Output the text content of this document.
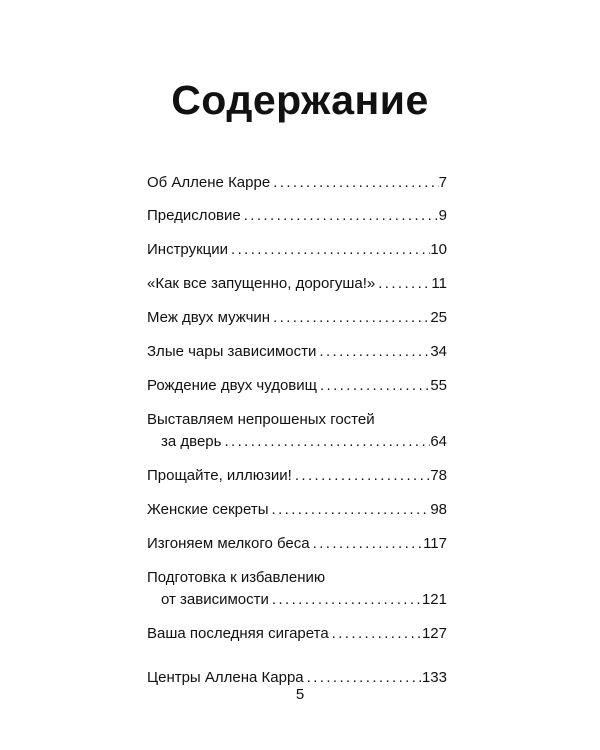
Содержание
Об Аллене Карре .....	7
Предисловие .....	9
Инструкции .....	10
«Как все запущенно, дорогуша!» .....	11
Меж двух мужчин .....	25
Злые чары зависимости .....	34
Рождение двух чудовищ .....	55
Выставляем непрошеных гостей
за дверь .....	64
Прощайте, иллюзии! .....	78
Женские секреты .....	98
Изгоняем мелкого беса .....	117
Подготовка к избавлению
от зависимости .....	121
Ваша последняя сигарета .....	127
Центры Аллена Карра .....	133
5
